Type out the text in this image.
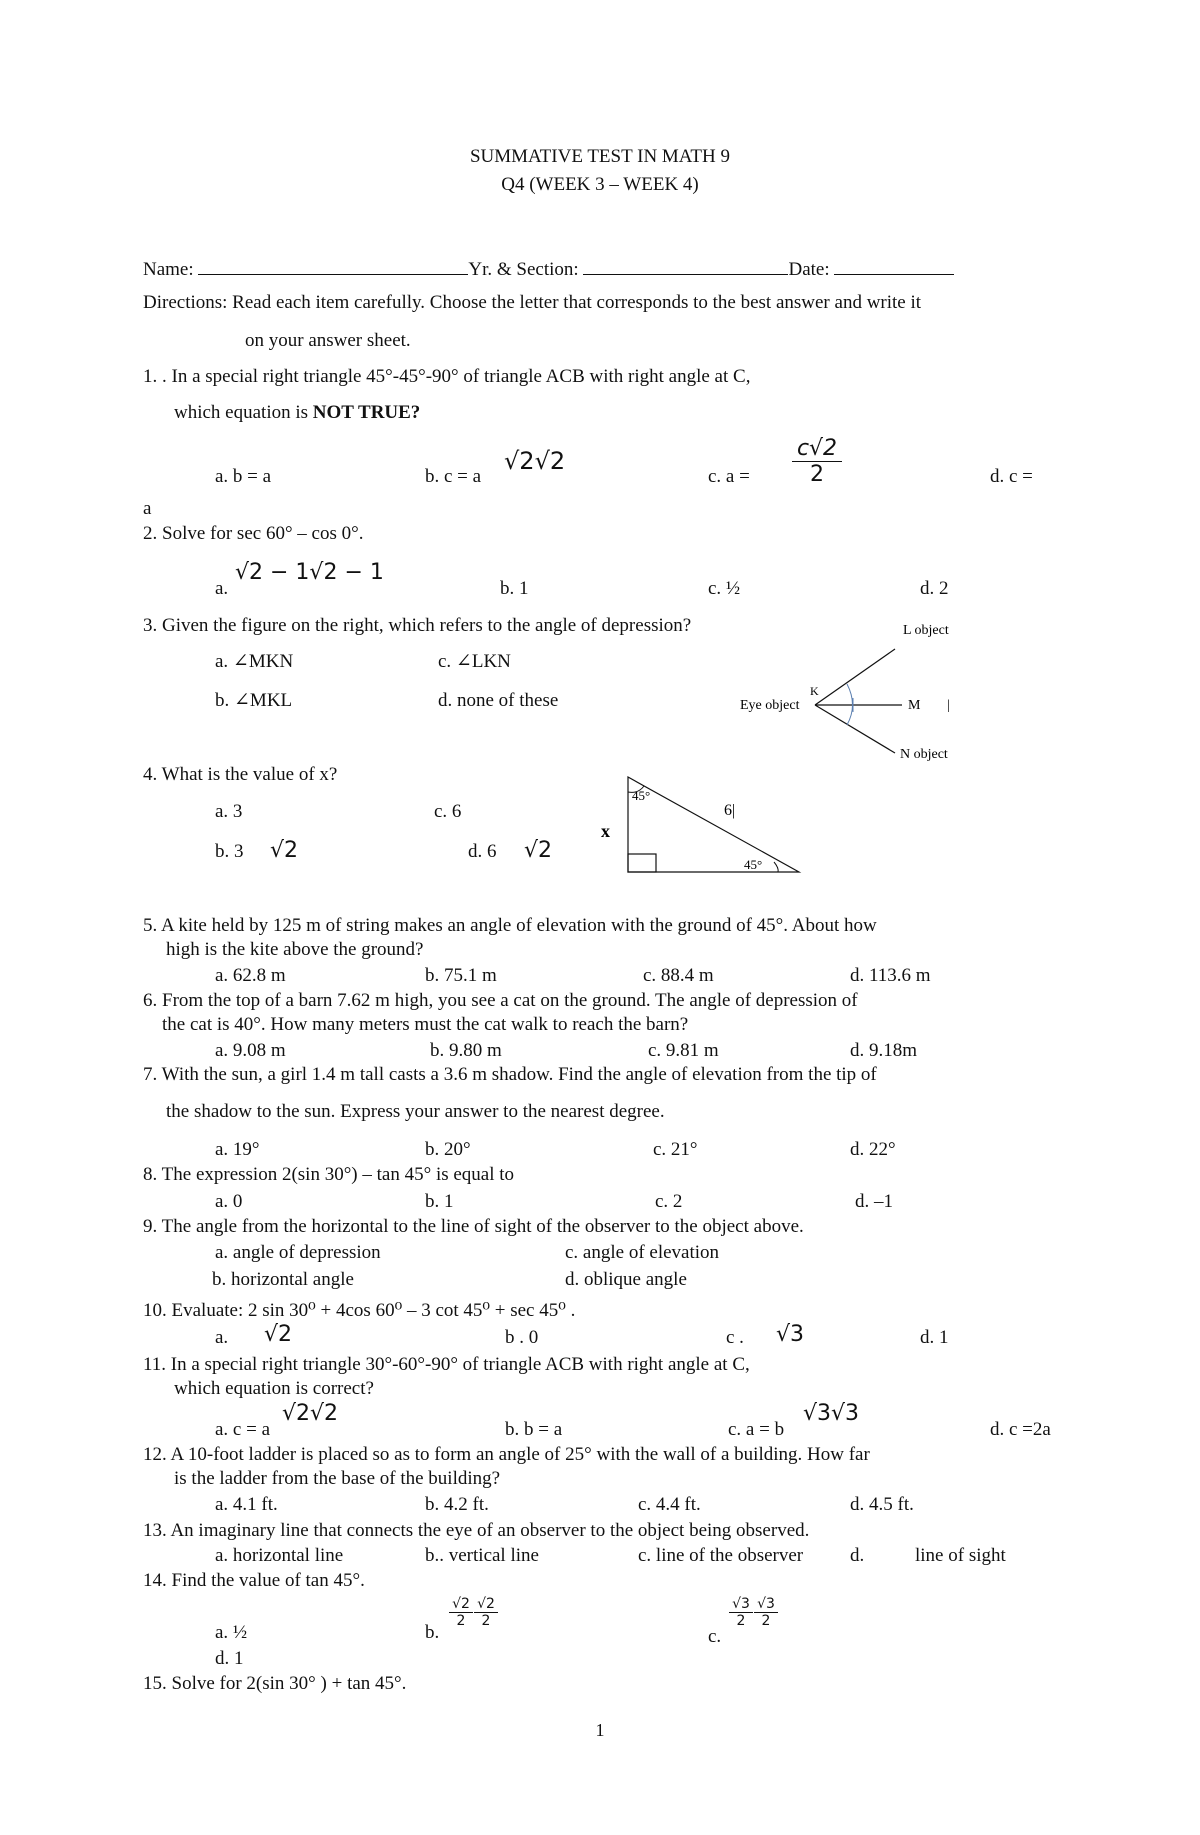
SUMMATIVE TEST IN MATH 9
Q4 (WEEK 3 – WEEK 4)
Name:	Yr. & Section:	Date:
Directions: Read each item carefully. Choose the letter that corresponds to the best answer and write it
on your answer sheet.
1. . In a special right triangle 45°-45°-90° of triangle ACB with right angle at C,
which equation is NOT TRUE?
a. b = a	b. c = a
√2√2
c. $a = \frac{c√2}{2}$	d. c =
a
2. Solve for sec 60° – cos 0°.
a.
√2 − 1√2 − 1
b. 1	c. ½	d. 2
3. Given the figure on the right, which refers to the angle of depression?
a. ∠MKN	c. ∠LKN
b. ∠MKL	d. none of these
L object
Eye object
K
M |
N object
4. What is the value of x?
a. 3	c. 6
b. 3 √2	d. 6 √2
x
45°
45°
6|
5. A kite held by 125 m of string makes an angle of elevation with the ground of 45°. About how
high is the kite above the ground?
a. 62.8 m	b. 75.1 m	c. 88.4 m	d. 113.6 m
6. From the top of a barn 7.62 m high, you see a cat on the ground. The angle of depression of
the cat is 40°. How many meters must the cat walk to reach the barn?
a. 9.08 m	b. 9.80 m	c. 9.81 m	d. 9.18m
7. With the sun, a girl 1.4 m tall casts a 3.6 m shadow. Find the angle of elevation from the tip of
the shadow to the sun. Express your answer to the nearest degree.
a. 19°	b. 20°	c. 21°	d. 22°
8. The expression 2(sin 30°) – tan 45° is equal to
a. 0	b. 1	c. 2	d. –1
9. The angle from the horizontal to the line of sight of the observer to the object above.
a. angle of depression	c. angle of elevation
b. horizontal angle	d. oblique angle
10. Evaluate: 2 sin 30⁰ + 4cos 60⁰ – 3 cot 45⁰ + sec 45⁰ .
a. √2	b . 0	c . √3	d. 1
11. In a special right triangle 30°-60°-90° of triangle ACB with right angle at C,
which equation is correct?
a. c = a
√2√2
b. b = a	c. a = b
√3√3
d. c =2a
12. A 10-foot ladder is placed so as to form an angle of 25° with the wall of a building. How far
is the ladder from the base of the building?
a. 4.1 ft.	b. 4.2 ft.	c. 4.4 ft.	d. 4.5 ft.
13. An imaginary line that connects the eye of an observer to the object being observed.
a. horizontal line	b.. vertical line	c. line of the observer d.	line of sight
14. Find the value of tan 45°.
a. ½	b.
$\frac{√2}{2} \frac{√2}{2}$
c.
$\frac{√3}{2} \frac{√3}{2}$
d. 1
15. Solve for 2(sin 30° ) + tan 45°.
1
